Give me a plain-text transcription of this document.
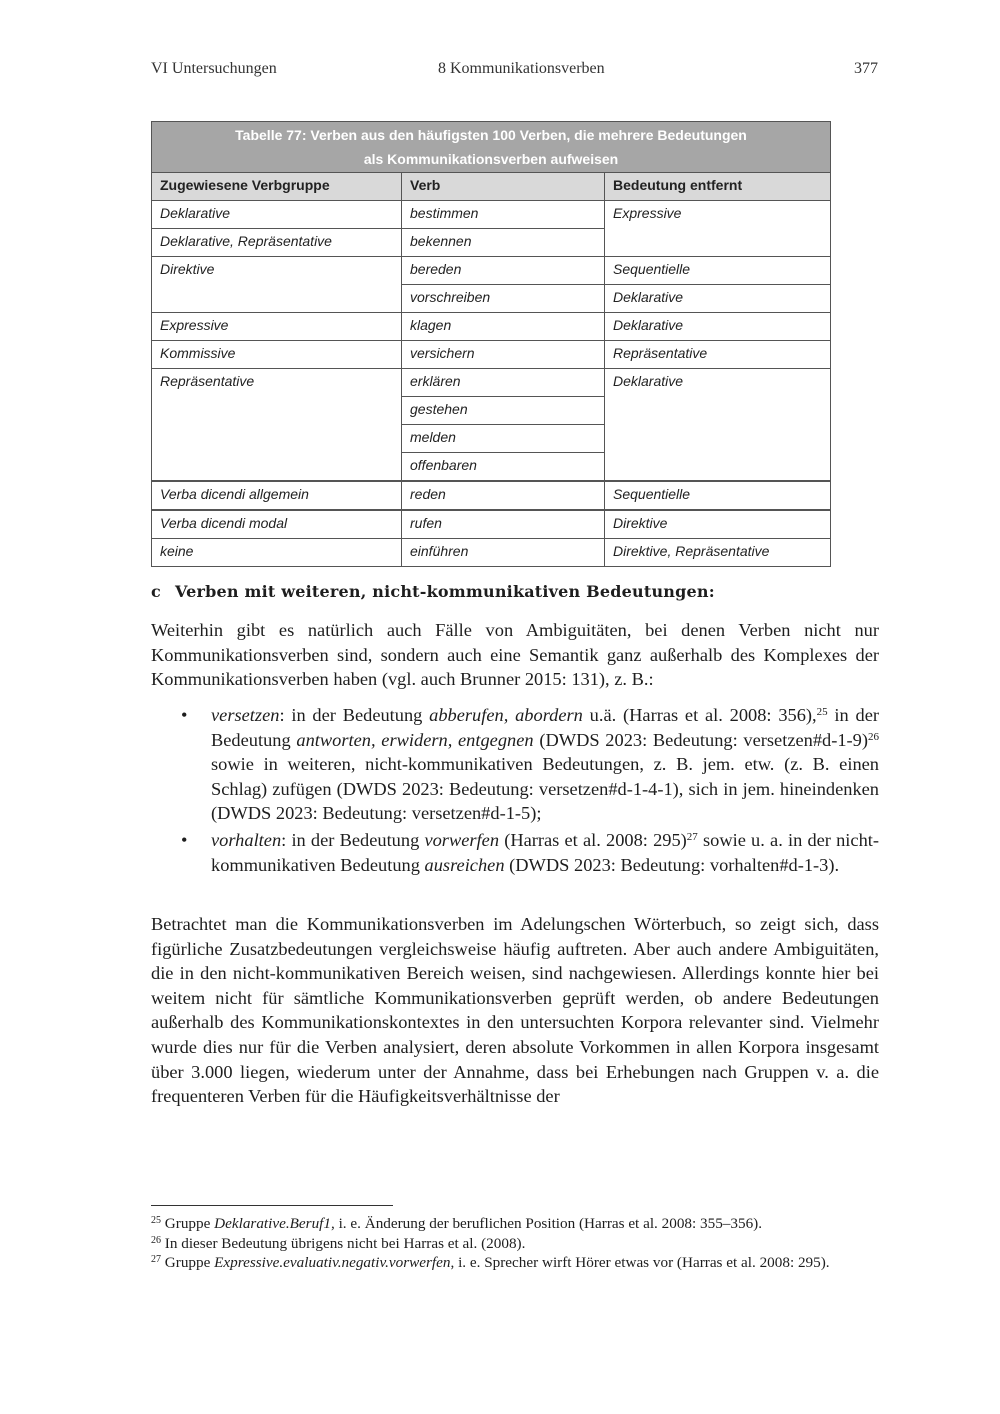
VI Untersuchungen	8 Kommunikationsverben	377
Tabelle 77: Verben aus den häufigsten 100 Verben, die mehrere Bedeutungen
als Kommunikationsverben aufweisen		
Zugewiesene Verbgruppe	Verb	Bedeutung entfernt
Deklarative	bestimmen	Expressive
Deklarative, Repräsentative	bekennen	
Direktive	bereden	Sequentielle
	vorschreiben	Deklarative
Expressive	klagen	Deklarative
Kommissive	versichern	Repräsentative
Repräsentative	erklären	Deklarative
	gestehen	
	melden	
	offenbaren	
Verba dicendi allgemein	reden	Sequentielle
Verba dicendi modal	rufen	Direktive
keine	einführen	Direktive, Repräsentative
c Verben mit weiteren, nicht-kommunikativen Bedeutungen:

Weiterhin gibt es natürlich auch Fälle von Ambiguitäten, bei denen Verben nicht nur Kommunikationsverben sind, sondern auch eine Semantik ganz außerhalb des Komplexes der Kommunikationsverben haben (vgl. auch Brunner 2015: 131), z. B.:

• versetzen: in der Bedeutung abberufen, abordern u.ä. (Harras et al. 2008: 356),$^{25}$ in der Bedeutung antworten, erwidern, entgegnen (DWDS 2023: Bedeutung: versetzen#d-1-9)$^{26}$ sowie in weiteren, nicht-kommunikativen Bedeutungen, z. B. jem. etw. (z. B. einen Schlag) zufügen (DWDS 2023: Bedeutung: versetzen#d-1-4-1), sich in jem. hineindenken (DWDS 2023: Bedeutung: versetzen#d-1-5);
• vorhalten: in der Bedeutung vorwerfen (Harras et al. 2008: 295)$^{27}$ sowie u. a. in der nicht-kommunikativen Bedeutung ausreichen (DWDS 2023: Bedeutung: vorhalten#d-1-3).

Betrachtet man die Kommunikationsverben im Adelungschen Wörterbuch, so zeigt sich, dass figürliche Zusatzbedeutungen vergleichsweise häufig auftreten. Aber auch andere Ambiguitäten, die in den nicht-kommunikativen Bereich weisen, sind nachgewiesen. Allerdings konnte hier bei weitem nicht für sämtliche Kommunikationsverben geprüft werden, ob andere Bedeutungen außerhalb des Kommunikationskontextes in den untersuchten Korpora relevanter sind. Vielmehr wurde dies nur für die Verben analysiert, deren absolute Vorkommen in allen Korpora insgesamt über 3.000 liegen, wiederum unter der Annahme, dass bei Erhebungen nach Gruppen v. a. die frequenteren Verben für die Häufigkeitsverhältnisse der

$^{25}$ Gruppe Deklarative.Beruf1, i. e. Änderung der beruflichen Position (Harras et al. 2008: 355–356).

$^{26}$ In dieser Bedeutung übrigens nicht bei Harras et al. (2008).

$^{27}$ Gruppe Expressive.evaluativ.negativ.vorwerfen, i. e. Sprecher wirft Hörer etwas vor (Harras et al. 2008: 295).
